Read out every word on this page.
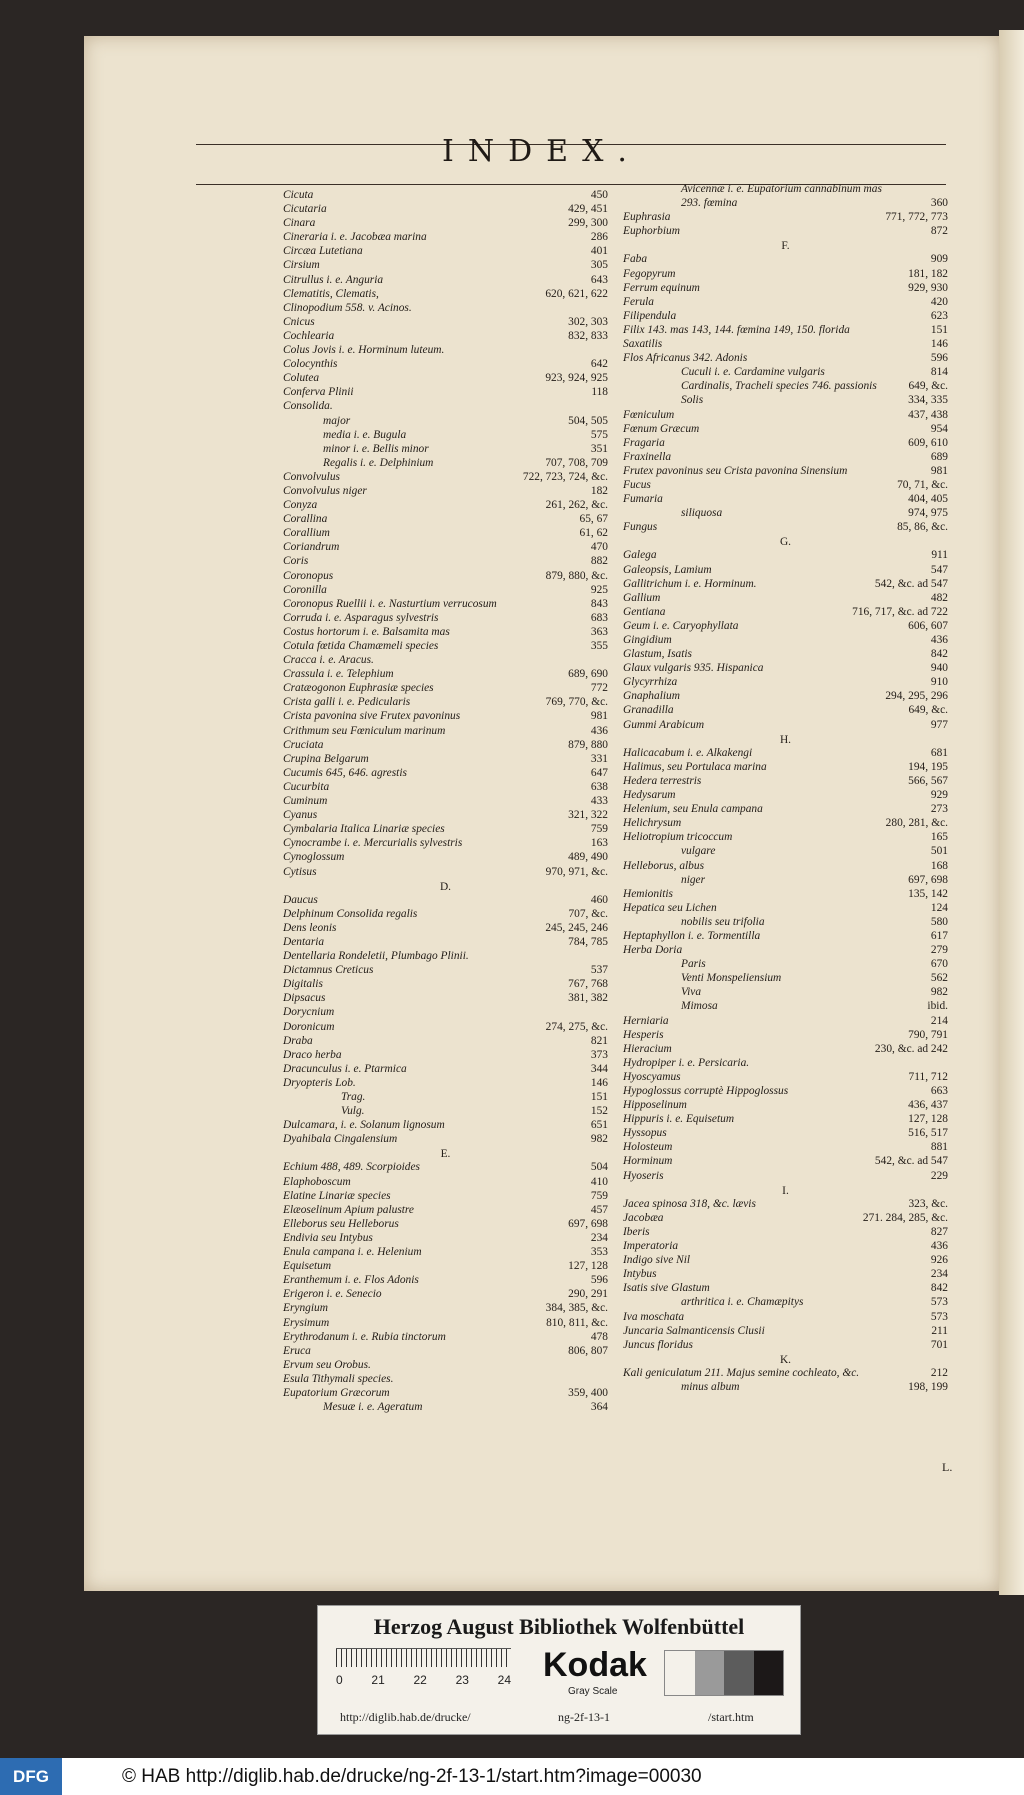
INDEX.
Cicuta	450
Cicutaria	429, 451
Cinara	299, 300
Cineraria i. e. Jacobæa marina	286
Circæa Lutetiana	401
Cirsium	305
Citrullus i. e. Anguria	643
Clematitis, Clematis,	620, 621, 622
Clinopodium 558. v. Acinos.
Cnicus	302, 303
Cochlearia	832, 833
Colus Jovis i. e. Horminum luteum.
Colocynthis	642
Colutea	923, 924, 925
Conferva Plinii	118
Consolida.
major	504, 505
media i. e. Bugula	575
minor i. e. Bellis minor	351
Regalis i. e. Delphinium	707, 708, 709
Convolvulus	722, 723, 724, &c.
Convolvulus niger	182
Conyza	261, 262, &c.
Corallina	65, 67
Corallium	61, 62
Coriandrum	470
Coris	882
Coronopus	879, 880, &c.
Coronilla	925
Coronopus Ruellii i. e. Nasturtium verrucosum	843
Corruda i. e. Asparagus sylvestris	683
Costus hortorum i. e. Balsamita mas	363
Cotula fœtida Chamæmeli species	355
Cracca i. e. Aracus.
Crassula i. e. Telephium	689, 690
Cratæogonon Euphrasiæ species	772
Crista galli i. e. Pedicularis	769, 770, &c.
Crista pavonina sive Frutex pavoninus	981
Crithmum seu Fœniculum marinum	436
Cruciata	879, 880
Crupina Belgarum	331
Cucumis 645, 646. agrestis	647
Cucurbita	638
Cuminum	433
Cyanus	321, 322
Cymbalaria Italica Linariæ species	759
Cynocrambe i. e. Mercurialis sylvestris	163
Cynoglossum	489, 490
Cytisus	970, 971, &c.
D.
Daucus	460
Delphinum Consolida regalis	707, &c.
Dens leonis	245, 245, 246
Dentaria	784, 785
Dentellaria Rondeletii, Plumbago Plinii.
Dictamnus Creticus	537
Digitalis	767, 768
Dipsacus	381, 382
Dorycnium
Doronicum	274, 275, &c.
Draba	821
Draco herba	373
Dracunculus i. e. Ptarmica	344
Dryopteris Lob.	146
Trag.	151
Vulg.	152
Dulcamara, i. e. Solanum lignosum	651
Dyahibala Cingalensium	982
E.
Echium 488, 489. Scorpioides	504
Elaphoboscum	410
Elatine Linariæ species	759
Elæoselinum Apium palustre	457
Elleborus seu Helleborus	697, 698
Endivia seu Intybus	234
Enula campana i. e. Helenium	353
Equisetum	127, 128
Eranthemum i. e. Flos Adonis	596
Erigeron i. e. Senecio	290, 291
Eryngium	384, 385, &c.
Erysimum	810, 811, &c.
Erythrodanum i. e. Rubia tinctorum	478
Eruca	806, 807
Ervum seu Orobus.
Esula Tithymali species.
Eupatorium Græcorum	359, 400
Mesuæ i. e. Ageratum	364
Avicennæ i. e. Eupatorium cannabinum mas
293. fœmina	360
Euphrasia	771, 772, 773
Euphorbium	872
F.
Faba	909
Fegopyrum	181, 182
Ferrum equinum	929, 930
Ferula	420
Filipendula	623
Filix 143. mas 143, 144. fœmina 149, 150. florida	151
Saxatilis	146
Flos Africanus 342. Adonis	596
Cuculi i. e. Cardamine vulgaris	814
Cardinalis, Tracheli species 746. passionis	649, &c.
Solis	334, 335
Fœniculum	437, 438
Fœnum Græcum	954
Fragaria	609, 610
Fraxinella	689
Frutex pavoninus seu Crista pavonina Sinensium	981
Fucus	70, 71, &c.
Fumaria	404, 405
siliquosa	974, 975
Fungus	85, 86, &c.
G.
Galega	911
Galeopsis, Lamium	547
Gallitrichum i. e. Horminum.	542, &c. ad 547
Gallium	482
Gentiana	716, 717, &c. ad 722
Geum i. e. Caryophyllata	606, 607
Gingidium	436
Glastum, Isatis	842
Glaux vulgaris 935. Hispanica	940
Glycyrrhiza	910
Gnaphalium	294, 295, 296
Granadilla	649, &c.
Gummi Arabicum	977
H.
Halicacabum i. e. Alkakengi	681
Halimus, seu Portulaca marina	194, 195
Hedera terrestris	566, 567
Hedysarum	929
Helenium, seu Enula campana	273
Helichrysum	280, 281, &c.
Heliotropium tricoccum	165
vulgare	501
Helleborus, albus	168
niger	697, 698
Hemionitis	135, 142
Hepatica seu Lichen	124
nobilis seu trifolia	580
Heptaphyllon i. e. Tormentilla	617
Herba Doria	279
Paris	670
Venti Monspeliensium	562
Viva	982
Mimosa	ibid.
Herniaria	214
Hesperis	790, 791
Hieracium	230, &c. ad 242
Hydropiper i. e. Persicaria.
Hyoscyamus	711, 712
Hypoglossus corruptè Hippoglossus	663
Hipposelinum	436, 437
Hippuris i. e. Equisetum	127, 128
Hyssopus	516, 517
Holosteum	881
Horminum	542, &c. ad 547
Hyoseris	229
I.
Jacea spinosa 318, &c. lævis	323, &c.
Jacobæa	271. 284, 285, &c.
Iberis	827
Imperatoria	436
Indigo sive Nil	926
Intybus	234
Isatis sive Glastum	842
arthritica i. e. Chamæpitys	573
Iva moschata	573
Juncaria Salmanticensis Clusii	211
Juncus floridus	701
K.
Kali geniculatum 211. Majus semine cochleato, &c.	212
minus album	198, 199
L.
Herzog August Bibliothek Wolfenbüttel
0 21 22 23 24 Kodak
Gray Scale
http://diglib.hab.de/drucke/	ng-2f-13-1	/start.htm
DFG	© HAB http://diglib.hab.de/drucke/ng-2f-13-1/start.htm?image=00030
